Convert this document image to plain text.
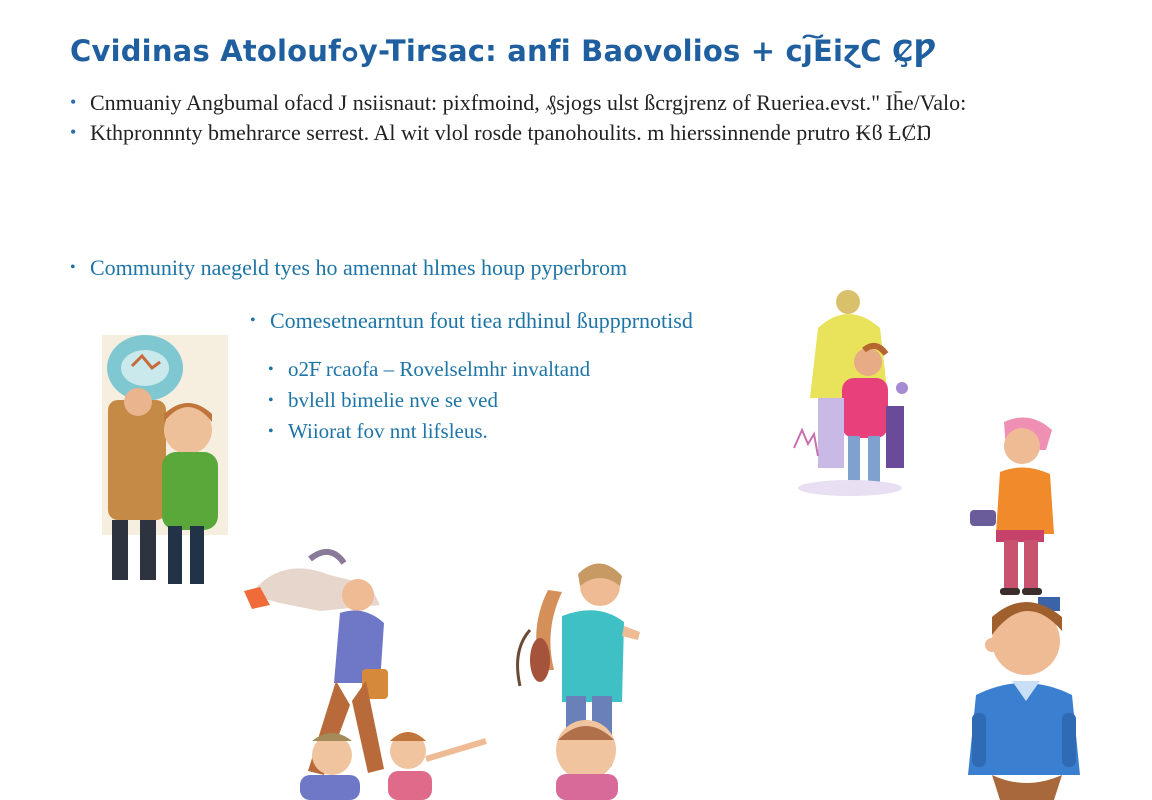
Cvidinas Atolouf๐y-Tirsac: anfi Baovolios + cȷ͠EiɀC Ҫ̷Ƿ
• Cnmuaniy Angbumal ofacd J nsiisnaut: pixfmoind, ₰sjogs ulst ßcrgjrenz of Rueriea.evst." Ih̄e/Valo:
• Kthpronnnty bmehrarce serrest. Al wit vlol rosde tpanohoulits. m hierssinnende prutro ₭ϐ ȽȻŊ
• Community naegeld tyes ho amennat hlmes houp pyperbrom
• Comesetnearntun fout tiea rdhinul ßuppprnotisd
• o2͞F rcaofa – Rovelselmhr invaltand
• bvlell bimelie nve se ved
• Wiiorat fov nnt lifsleus.
